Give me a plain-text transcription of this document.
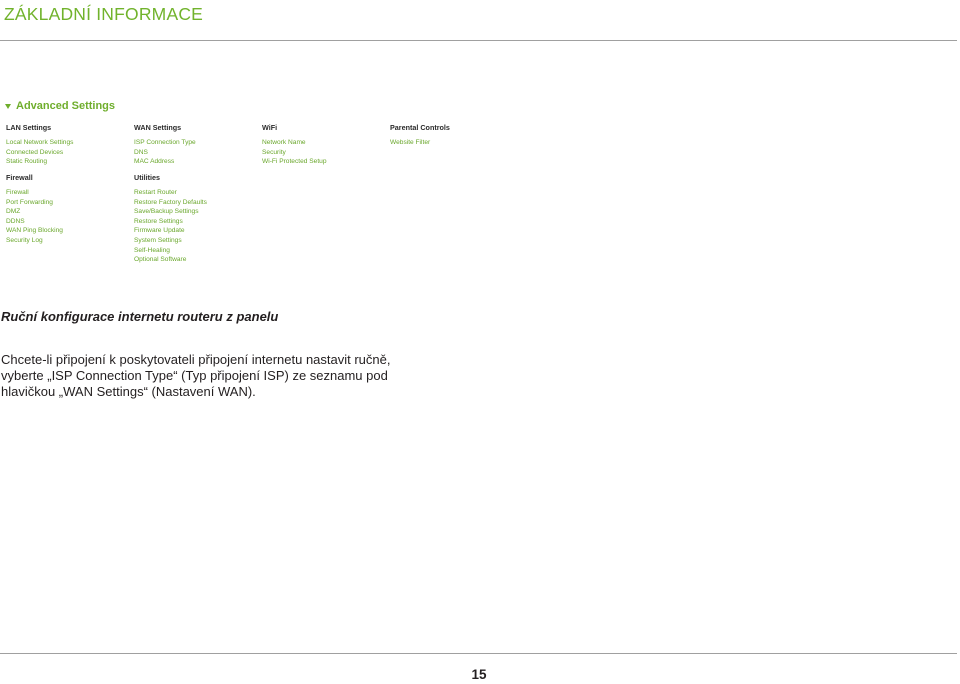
ZÁKLADNÍ INFORMACE
Advanced Settings
LAN Settings
Local Network Settings
Connected Devices
Static Routing
WAN Settings
ISP Connection Type
DNS
MAC Address
WiFi
Network Name
Security
Wi-Fi Protected Setup
Parental Controls
Website Filter
Firewall
Firewall
Port Forwarding
DMZ
DDNS
WAN Ping Blocking
Security Log
Utilities
Restart Router
Restore Factory Defaults
Save/Backup Settings
Restore Settings
Firmware Update
System Settings
Self-Healing
Optional Software
Ruční konfigurace internetu routeru z panelu
Chcete-li připojení k poskytovateli připojení internetu nastavit ručně, vyberte „ISP Connection Type“ (Typ připojení ISP) ze seznamu pod hlavičkou „WAN Settings“ (Nastavení WAN).
15
